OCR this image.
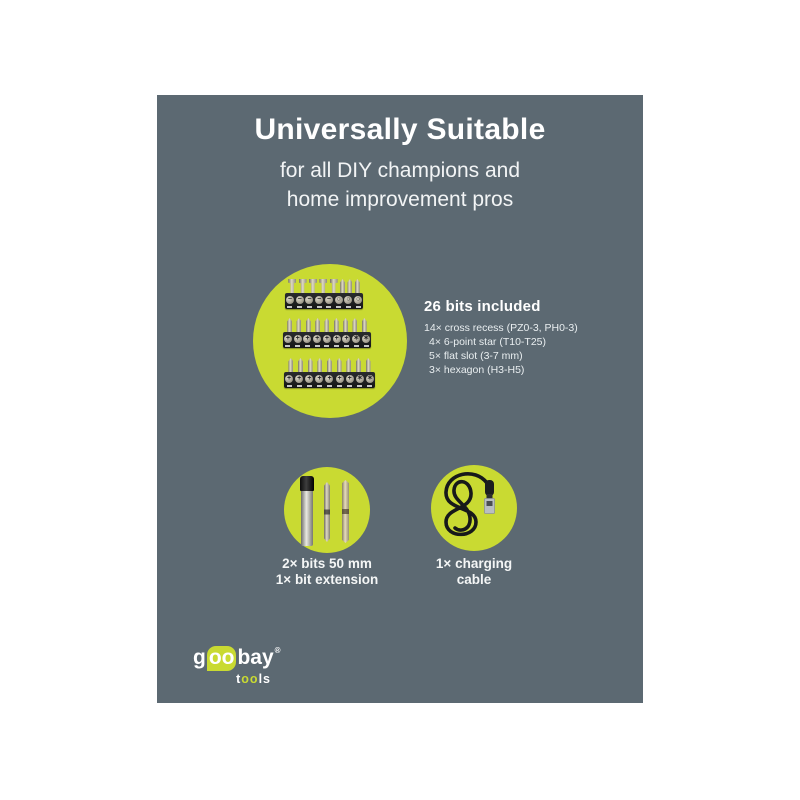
Universally Suitable
for all DIY champions and
home improvement pros
− − − − − ○ ○ ○
+ + + + + + + ✶ ✶
+ + + + + + + ✶ ✶
26 bits included
14× cross recess (PZ0-3, PH0-3)
4× 6-point star (T10-T25)
5× flat slot (3-7 mm)
3× hexagon (H3-H5)
2× bits 50 mm
1× bit extension
1× charging
cable
g oo bay ®
tools
